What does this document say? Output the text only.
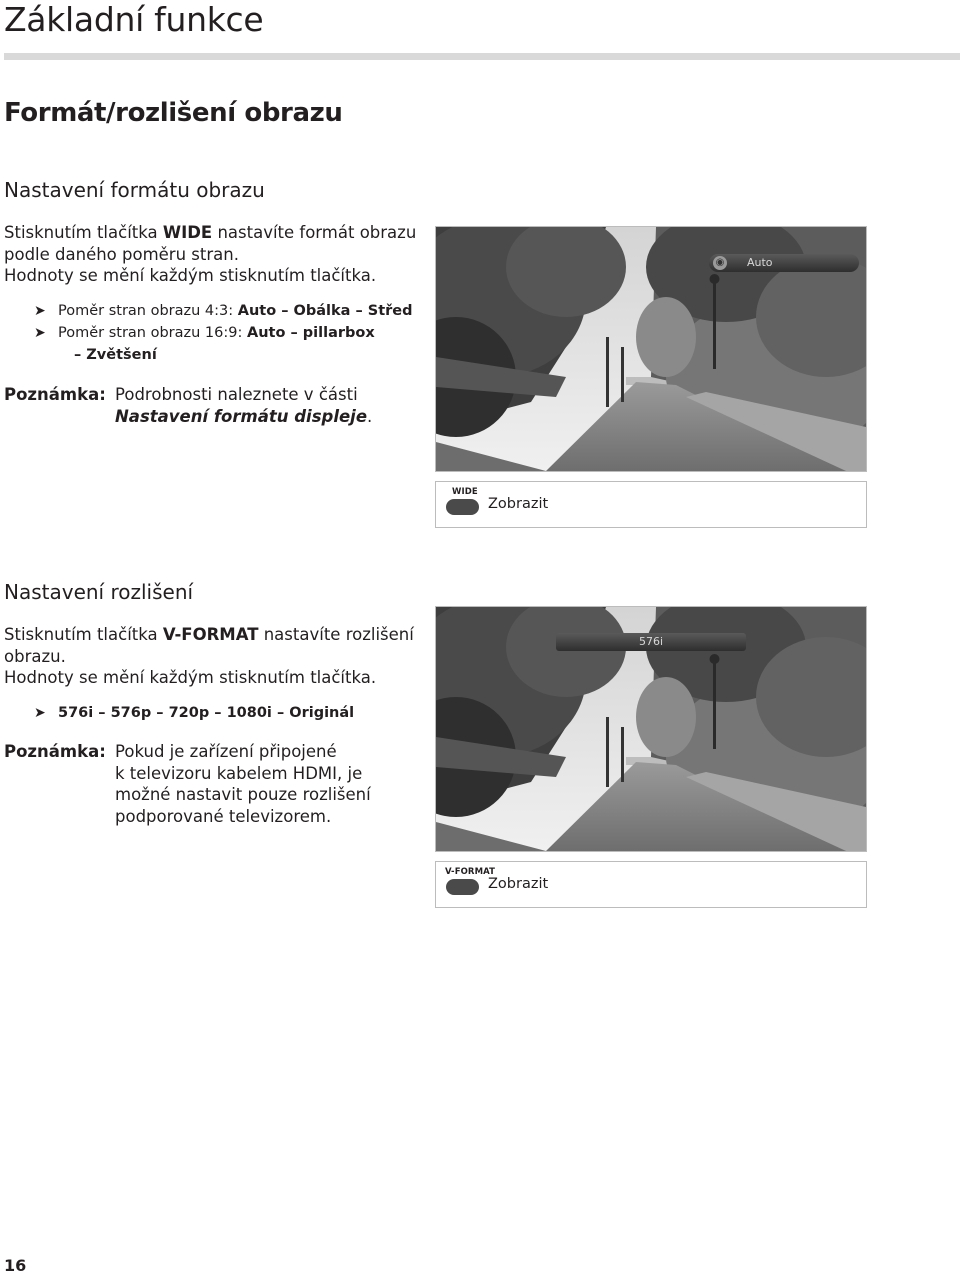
Základní funkce
Formát/rozlišení obrazu
Nastavení formátu obrazu
Stisknutím tlačítka WIDE nastavíte formát obrazu
podle daného poměru stran.
Hodnoty se mění každým stisknutím tlačítka.
➤ Poměr stran obrazu 4:3: Auto – Obálka – Střed
➤ Poměr stran obrazu 16:9: Auto – pillarbox
– Zvětšení
Poznámka: Podrobnosti naleznete v části
Nastavení formátu displeje.
◉ Auto
WIDE
Zobrazit
Nastavení rozlišení
Stisknutím tlačítka V-FORMAT nastavíte rozlišení
obrazu.
Hodnoty se mění každým stisknutím tlačítka.
➤ 576i – 576p – 720p – 1080i – Originál
Poznámka: Pokud je zařízení připojené
k televizoru kabelem HDMI, je
možné nastavit pouze rozlišení
podporované televizorem.
576i
V-FORMAT
Zobrazit
16
